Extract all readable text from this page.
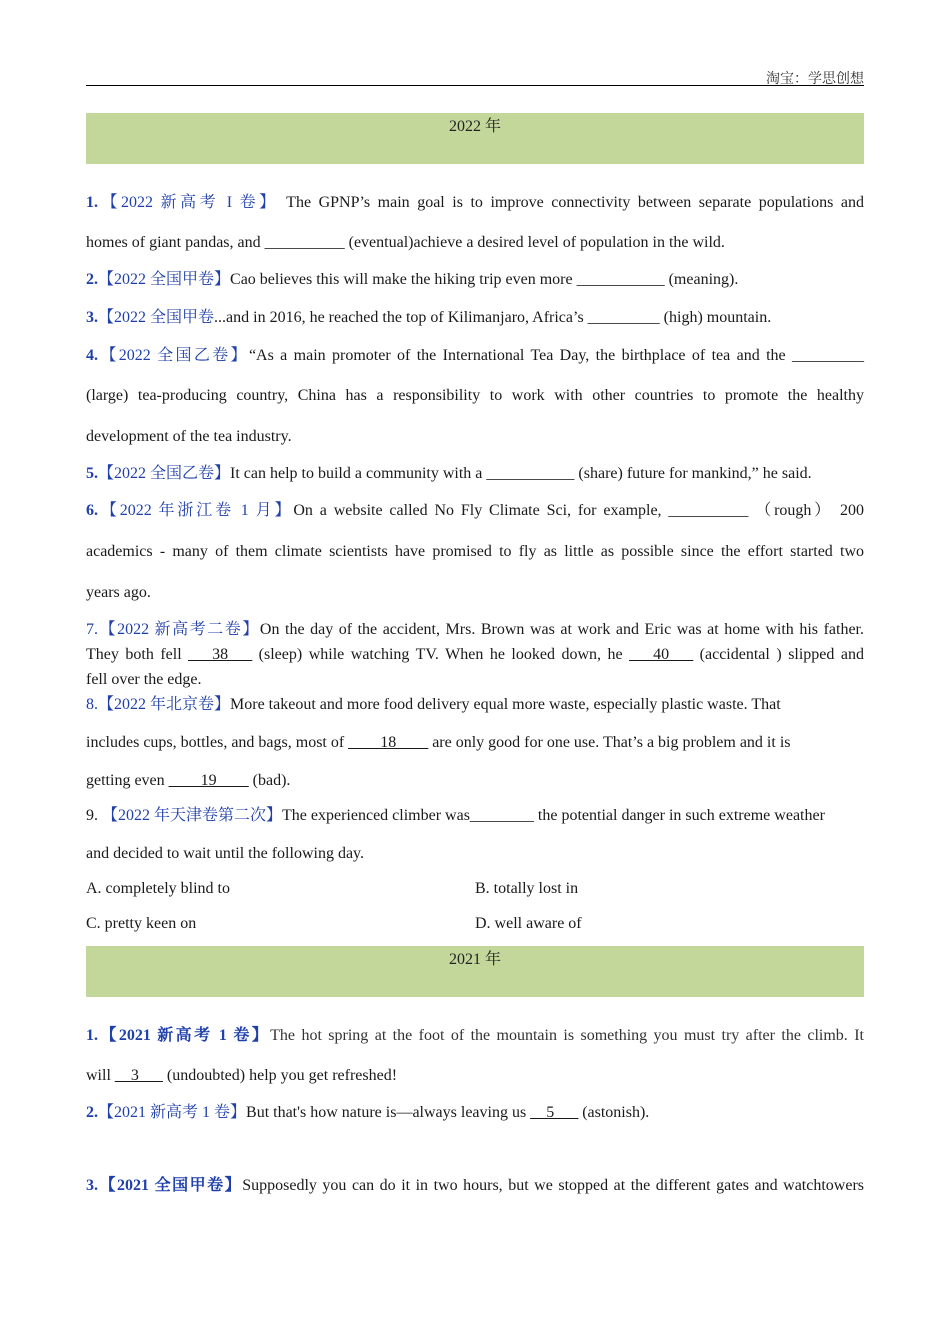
淘宝：学思创想
2022 年
1.【2022 新高考 I 卷】 The GPNP’s main goal is to improve connectivity between separate populations and
homes of giant pandas, and __________ (eventual)achieve a desired level of population in the wild.
2.【2022 全国甲卷】Cao believes this will make the hiking trip even more ___________ (meaning).
3.【2022 全国甲卷...and in 2016, he reached the top of Kilimanjaro, Africa’s _________ (high) mountain.
4.【2022 全国乙卷】“As a main promoter of the International Tea Day, the birthplace of tea and the _________
(large) tea-producing country, China has a responsibility to work with other countries to promote the healthy
development of the tea industry.
5.【2022 全国乙卷】It can help to build a community with a ___________ (share) future for mankind,” he said.
6.【2022 年浙江卷 1 月】On a website called No Fly Climate Sci, for example, __________ （rough） 200
academics - many of them climate scientists have promised to fly as little as possible since the effort started two
years ago.
7.【2022 新高考二卷】On the day of the accident, Mrs. Brown was at work and Eric was at home with his father.
They both fell ___38___ (sleep) while watching TV. When he looked down, he ___40___ (accidental ) slipped and
fell over the edge.
8.【2022 年北京卷】More takeout and more food delivery equal more waste, especially plastic waste. That
includes cups, bottles, and bags, most of ____18____ are only good for one use. That’s a big problem and it is
getting even ____19____ (bad).
9. 【2022 年天津卷第二次】The experienced climber was________ the potential danger in such extreme weather
and decided to wait until the following day.
A. completely blind to	B. totally lost in
C. pretty keen on	D. well aware of
2021 年
1.【2021 新高考 1 卷】The hot spring at the foot of the mountain is something you must try after the climb. It
will __3___ (undoubted) help you get refreshed!
2.【2021 新高考 1 卷】But that's how nature is—always leaving us __5___ (astonish).
3.【2021 全国甲卷】Supposedly you can do it in two hours, but we stopped at the different gates and watchtowers
